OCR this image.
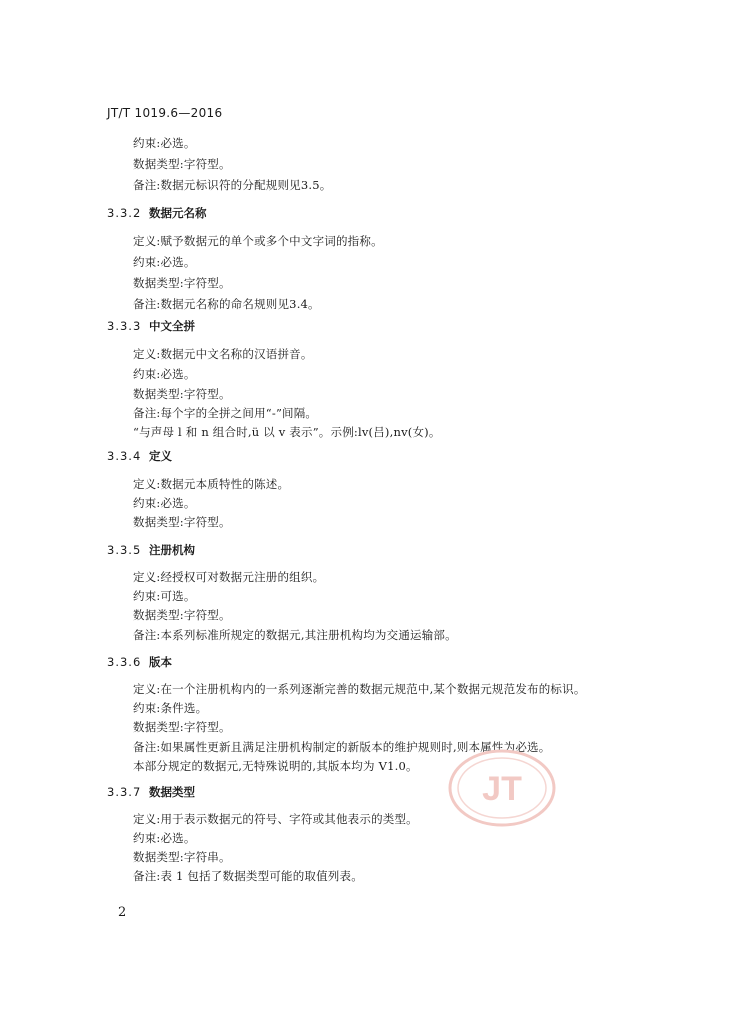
JT/T 1019.6—2016
约束:必选。
数据类型:字符型。
备注:数据元标识符的分配规则见3.5。
3.3.2 数据元名称
定义:赋予数据元的单个或多个中文字词的指称。
约束:必选。
数据类型:字符型。
备注:数据元名称的命名规则见3.4。
3.3.3 中文全拼
定义:数据元中文名称的汉语拼音。
约束:必选。
数据类型:字符型。
备注:每个字的全拼之间用“-”间隔。
“与声母 l 和 n 组合时,ü 以 v 表示”。示例:lv(吕),nv(女)。
3.3.4 定义
定义:数据元本质特性的陈述。
约束:必选。
数据类型:字符型。
3.3.5 注册机构
定义:经授权可对数据元注册的组织。
约束:可选。
数据类型:字符型。
备注:本系列标准所规定的数据元,其注册机构均为交通运输部。
3.3.6 版本
定义:在一个注册机构内的一系列逐渐完善的数据元规范中,某个数据元规范发布的标识。
约束:条件选。
数据类型:字符型。
备注:如果属性更新且满足注册机构制定的新版本的维护规则时,则本属性为必选。
本部分规定的数据元,无特殊说明的,其版本均为 V1.0。
3.3.7 数据类型
定义:用于表示数据元的符号、字符或其他表示的类型。
约束:必选。
数据类型:字符串。
备注:表 1 包括了数据类型可能的取值列表。
JT
2
